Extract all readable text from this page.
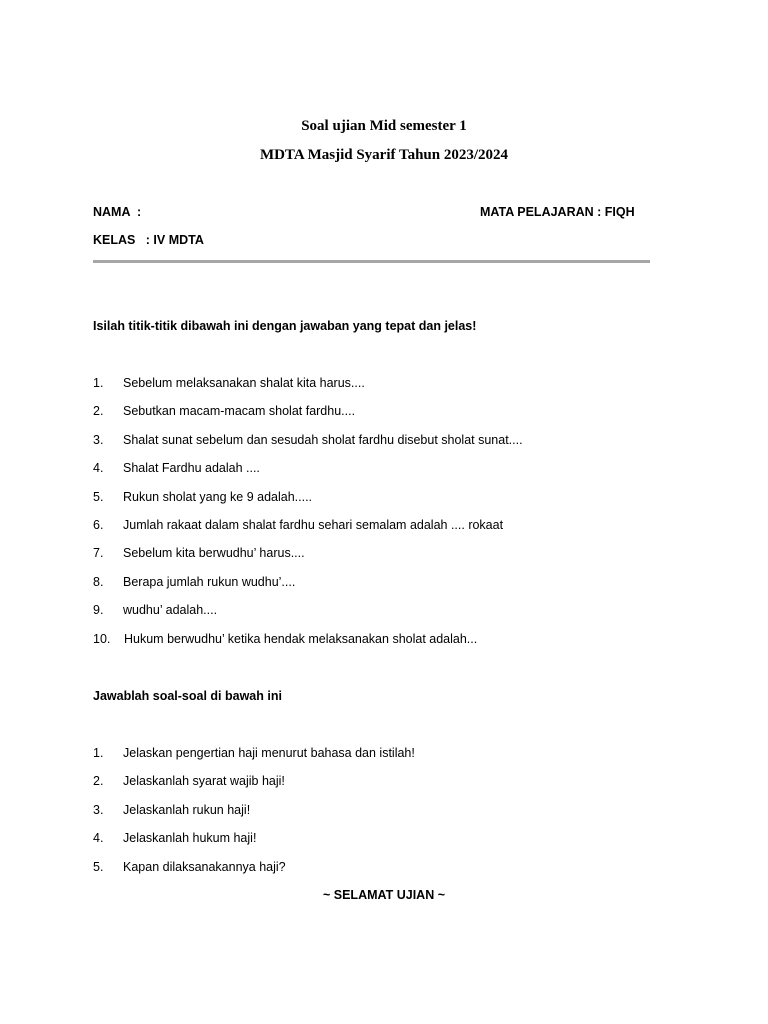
Soal ujian Mid semester 1
MDTA Masjid Syarif Tahun 2023/2024
NAMA  :	MATA PELAJARAN : FIQH
KELAS   : IV MDTA
Isilah titik-titik dibawah ini dengan jawaban yang tepat dan jelas!
1. Sebelum melaksanakan shalat kita harus....
2. Sebutkan macam-macam sholat fardhu....
3. Shalat sunat sebelum dan sesudah sholat fardhu disebut sholat sunat....
4. Shalat Fardhu adalah ....
5. Rukun sholat yang ke 9 adalah.....
6. Jumlah rakaat dalam shalat fardhu sehari semalam adalah .... rokaat
7. Sebelum kita berwudhu’ harus....
8. Berapa jumlah rukun wudhu’....
9. wudhu’ adalah....
10. Hukum berwudhu’ ketika hendak melaksanakan sholat adalah...
Jawablah soal-soal di bawah ini
1. Jelaskan pengertian haji menurut bahasa dan istilah!
2. Jelaskanlah syarat wajib haji!
3. Jelaskanlah rukun haji!
4. Jelaskanlah hukum haji!
5. Kapan dilaksanakannya haji?
~ SELAMAT UJIAN ~
